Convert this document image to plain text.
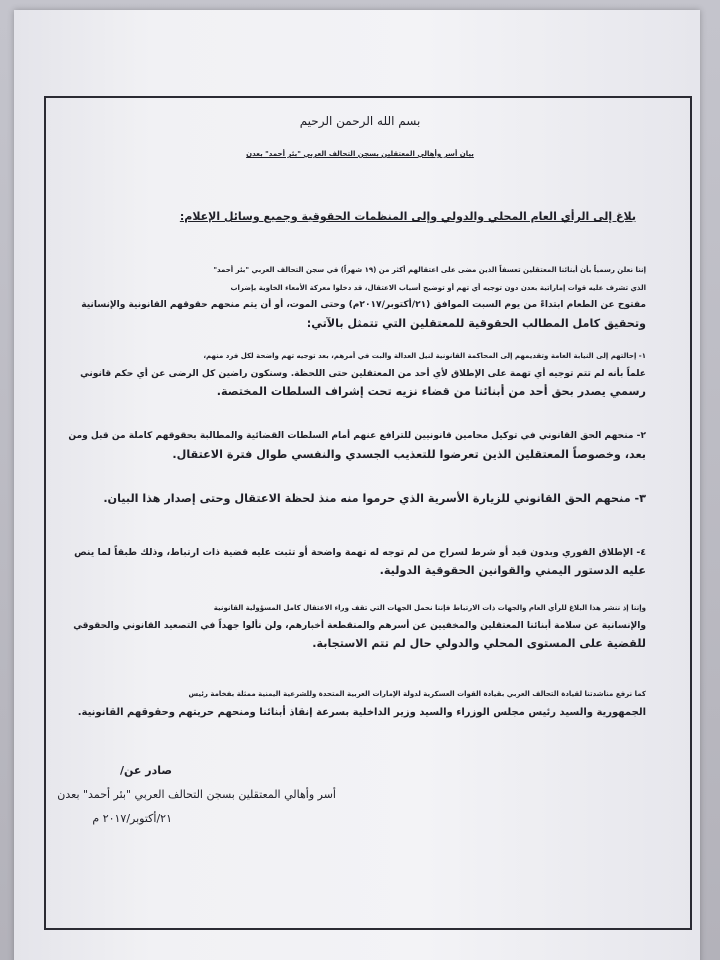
بسم الله الرحمن الرحيم
بيان أسر وأهالي المعتقلين بسجن التحالف العربي "بئر أحمد" بعدن
بلاغ إلى الرأي العام المحلي والدولي وإلى المنظمات الحقوقية وجميع وسائل الإعلام:
إننا نعلن رسمياً بأن أبنائنا المعتقلين تعسفاً الذين مضى على اعتقالهم أكثر من (١٩ شهراً) في سجن التحالف العربي "بئر أحمد"
الذي تشرف عليه قوات إماراتية بعدن دون توجيه أي تهم أو توضيح أسباب الاعتقال، قد دخلوا معركة الأمعاء الخاوية بإضراب
مفتوح عن الطعام ابتداءً من يوم السبت الموافق (٢١/أكتوبر/٢٠١٧م) وحتى الموت، أو أن يتم منحهم حقوقهم القانونية والإنسانية
وتحقيق كامل المطالب الحقوقية للمعتقلين التي تتمثل بالآتي:
١- إحالتهم إلى النيابة العامة وتقديمهم إلى المحاكمة القانونية لنيل العدالة والبت في أمرهم، بعد توجيه تهم واضحة لكل فرد منهم،
علماً بأنه لم تتم توجيه أي تهمة على الإطلاق لأي أحد من المعتقلين حتى اللحظة. وسنكون راضين كل الرضى عن أي حكم قانوني
رسمي يصدر بحق أحد من أبنائنا من قضاء نزيه تحت إشراف السلطات المختصة.
٢- منحهم الحق القانوني في توكيل محامين قانونيين للترافع عنهم أمام السلطات القضائية والمطالبة بحقوقهم كاملة من قبل ومن
بعد، وخصوصاً المعتقلين الذين تعرضوا للتعذيب الجسدي والنفسي طوال فترة الاعتقال.
٣- منحهم الحق القانوني للزيارة الأسرية الذي حرموا منه منذ لحظة الاعتقال وحتى إصدار هذا البيان.
٤- الإطلاق الفوري وبدون قيد أو شرط لسراح من لم توجه له تهمة واضحة أو تثبت عليه قضية ذات ارتباط، وذلك طبقاً لما ينص
عليه الدستور اليمني والقوانين الحقوقية الدولية.
وإننا إذ ننشر هذا البلاغ للرأي العام والجهات ذات الارتباط فإننا نحمل الجهات التي تقف وراء الاعتقال كامل المسؤولية القانونية
والإنسانية عن سلامة أبنائنا المعتقلين والمخفيين عن أسرهم والمنقطعة أخبارهم، ولن نألوا جهداً في التصعيد القانوني والحقوقي
للقضية على المستوى المحلي والدولي حال لم تتم الاستجابة.
كما نرفع مناشدتنا لقيادة التحالف العربي بقيادة القوات العسكرية لدولة الإمارات العربية المتحدة وللشرعية اليمنية ممثلة بفخامة رئيس
الجمهورية والسيد رئيس مجلس الوزراء والسيد وزير الداخلية بسرعة إنقاذ أبنائنا ومنحهم حريتهم وحقوقهم القانونية.
صادر عن/
أسر وأهالي المعتقلين بسجن التحالف العربي "بئر أحمد" بعدن
٢١/أكتوبر/٢٠١٧ م
